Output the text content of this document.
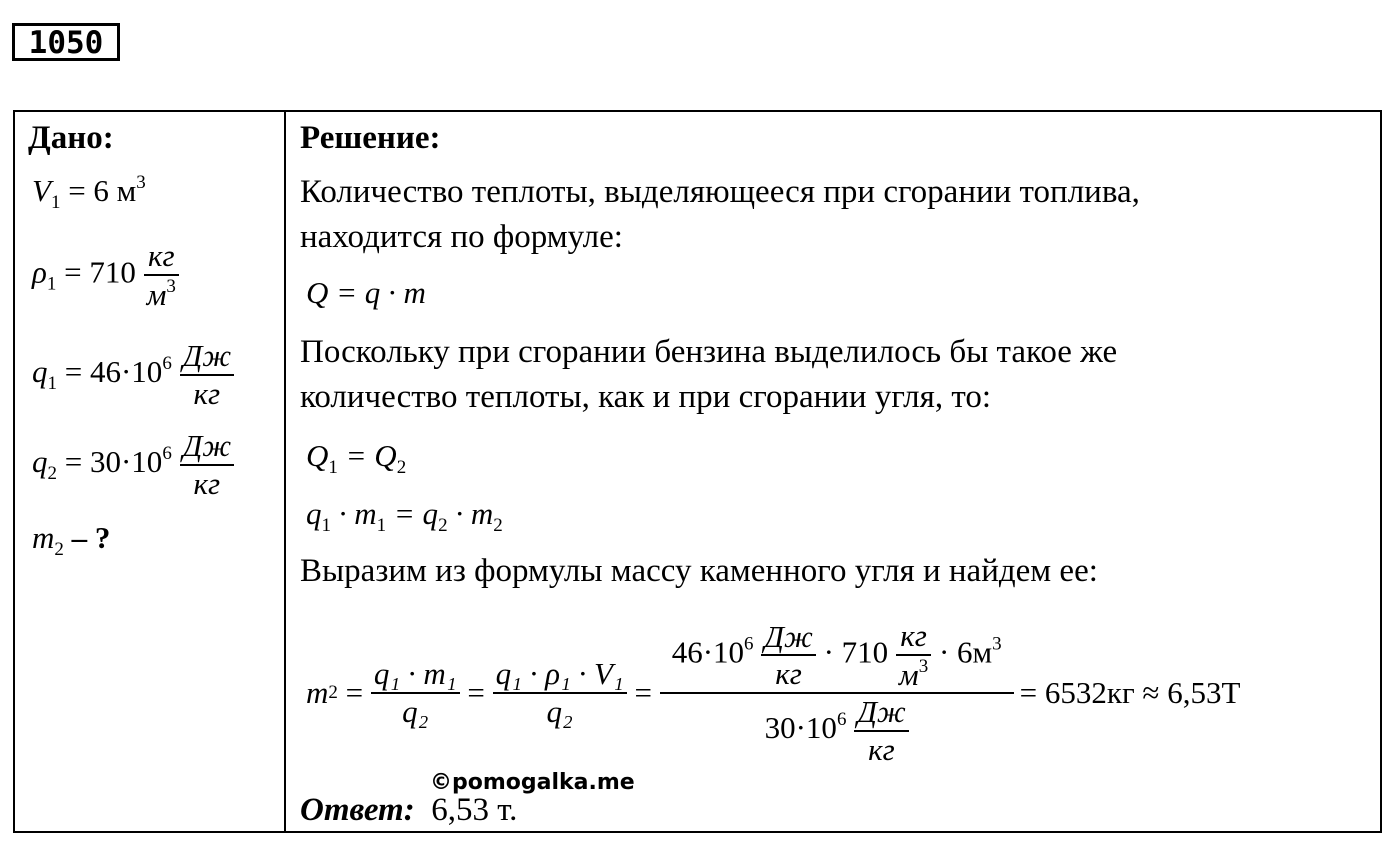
1050
Дано:
$V_1 = 6$ $м^3$
$\rho_1 = 710 \frac{кг}{м^3}$
$q_1 = 46\cdot 10^6 \frac{Дж}{кг}$
$q_2 = 30\cdot 10^6 \frac{Дж}{кг}$
$m_2$ – ?
Решение:
Количество теплоты, выделяющееся при сгорании топлива,
находится по формуле:
Q = q · m
Поскольку при сгорании бензина выделилось бы такое же
количество теплоты, как и при сгорании угля, то:
$Q_1 = Q_2$
$q_1 \cdot m_1 = q_2 \cdot m_2$
Выразим из формулы массу каменного угля и найдем ее:
m $2 = \frac{\text{q₁ · m₁}}{\text{q₂}} = \frac{\text{q₁ · ρ₁ · V₁}}{\text{q₂}} = \frac{46\cdot 10^6 \frac{Дж}{кг} \cdot 710 \frac{кг}{м^3} \cdot 6м^3}{30\cdot 10^6 \frac{Дж}{кг}} = 6532кг \approx 6,53Т$
©pomogalka.me
Ответ: 6,53 т.
